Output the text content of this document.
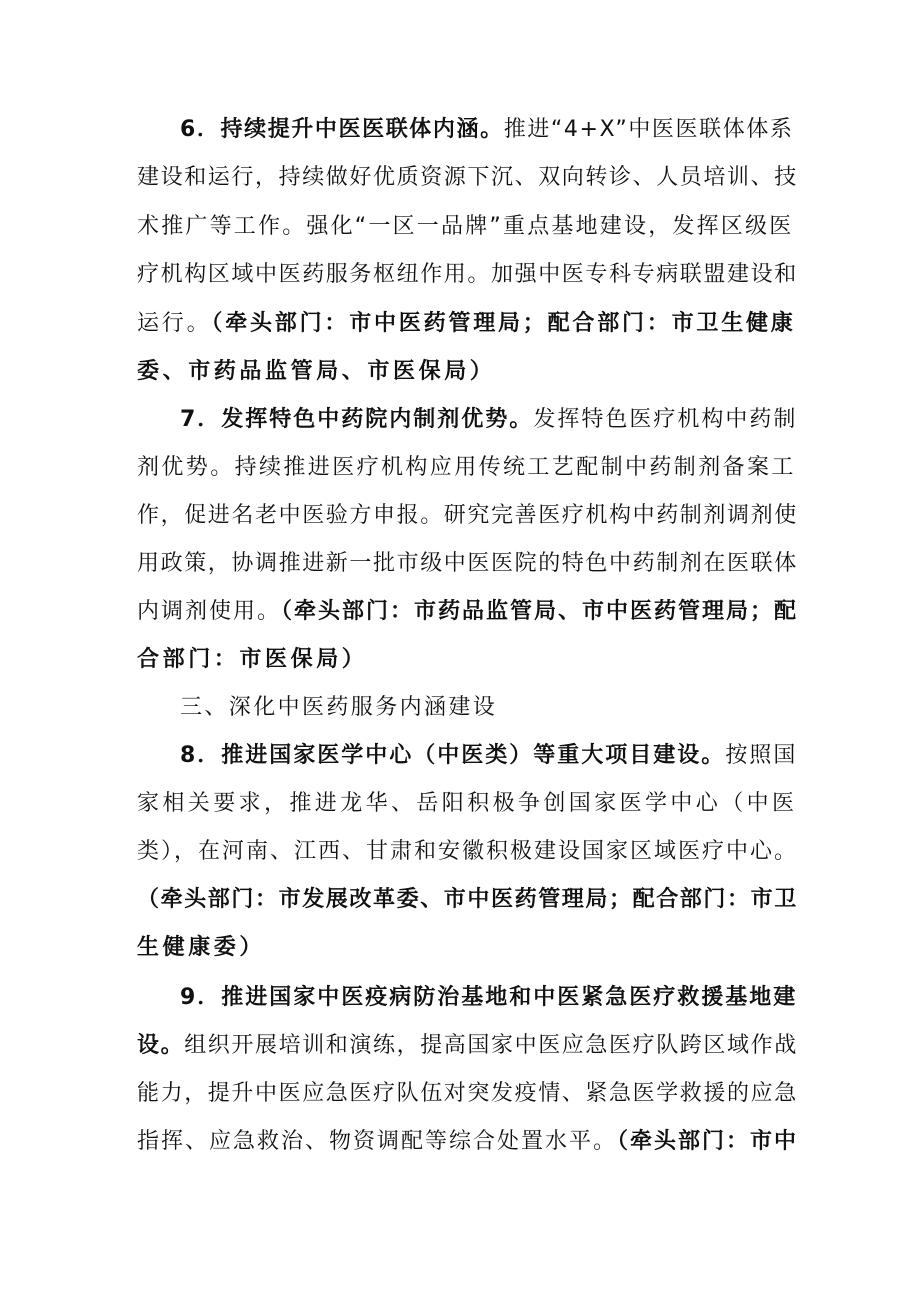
6．持续提升中医医联体内涵。推进“4+X”中医医联体体系
建设和运行，持续做好优质资源下沉、双向转诊、人员培训、技
术推广等工作。强化“一区一品牌”重点基地建设，发挥区级医
疗机构区域中医药服务枢纽作用。加强中医专科专病联盟建设和
运行。（牵头部门：市中医药管理局；配合部门：市卫生健康
委、市药品监管局、市医保局）
7．发挥特色中药院内制剂优势。发挥特色医疗机构中药制
剂优势。持续推进医疗机构应用传统工艺配制中药制剂备案工
作，促进名老中医验方申报。研究完善医疗机构中药制剂调剂使
用政策，协调推进新一批市级中医医院的特色中药制剂在医联体
内调剂使用。（牵头部门：市药品监管局、市中医药管理局；配
合部门：市医保局）
三、深化中医药服务内涵建设
8．推进国家医学中心（中医类）等重大项目建设。按照国
家相关要求，推进龙华、岳阳积极争创国家医学中心（中医
类），在河南、江西、甘肃和安徽积极建设国家区域医疗中心。
（牵头部门：市发展改革委、市中医药管理局；配合部门：市卫
生健康委）
9．推进国家中医疫病防治基地和中医紧急医疗救援基地建
设。组织开展培训和演练，提高国家中医应急医疗队跨区域作战
能力，提升中医应急医疗队伍对突发疫情、紧急医学救援的应急
指挥、应急救治、物资调配等综合处置水平。（牵头部门：市中
